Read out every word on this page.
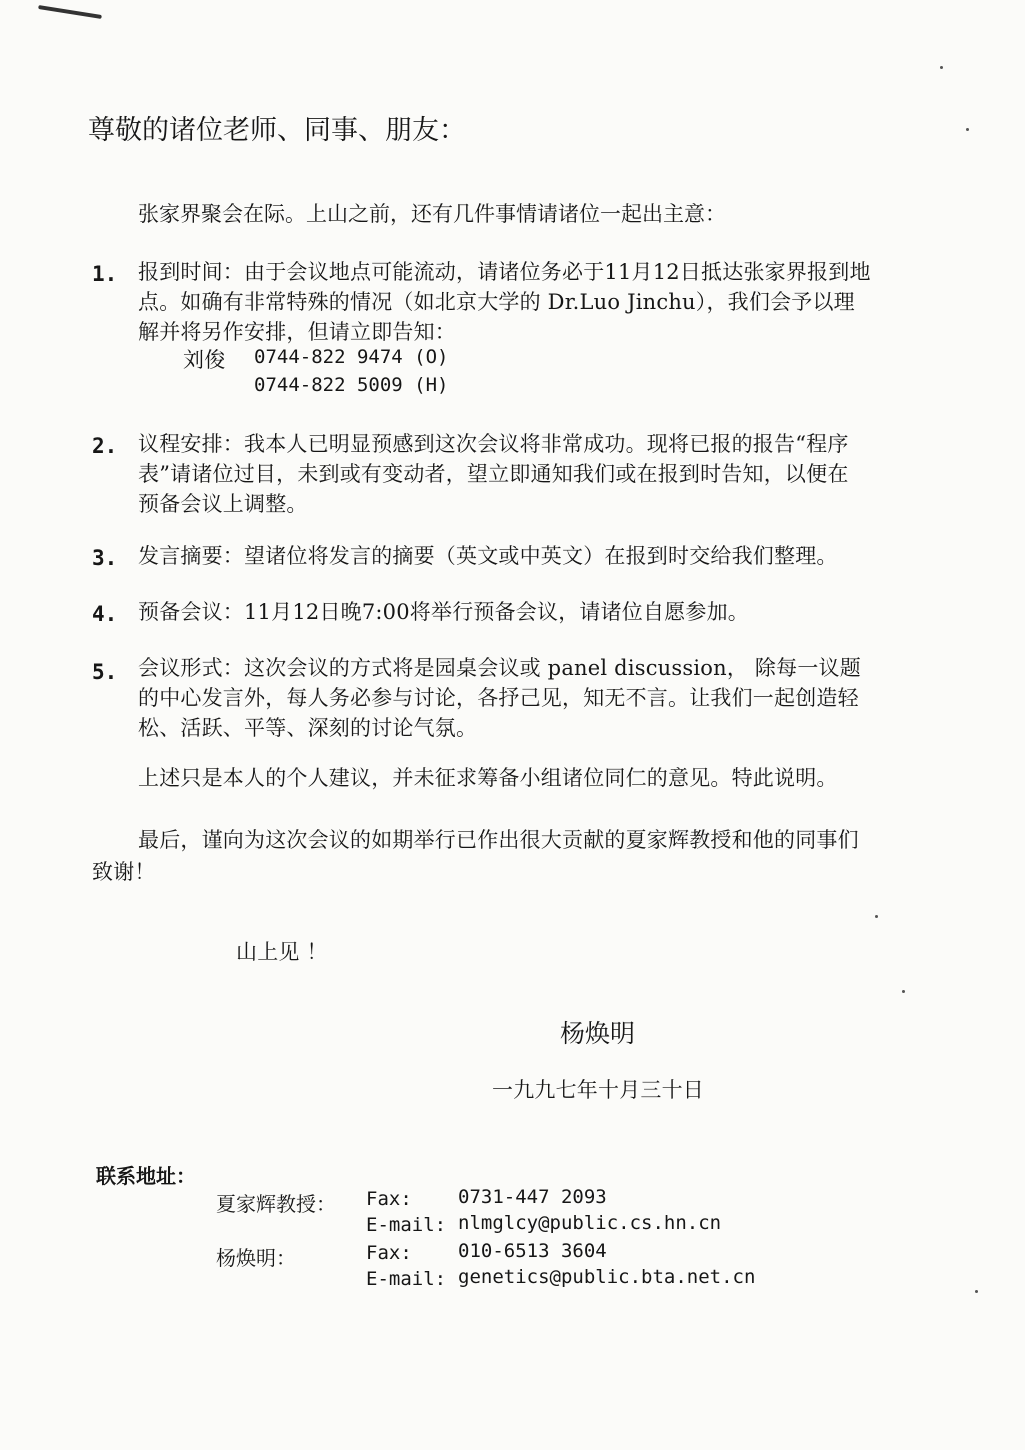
尊敬的诸位老师、同事、朋友：
张家界聚会在际。上山之前，还有几件事情请诸位一起出主意：
1. 报到时间：由于会议地点可能流动，请诸位务必于11月12日抵达张家界报到地
点。如确有非常特殊的情况（如北京大学的 Dr.Luo Jinchu），我们会予以理
解并将另作安排，但请立即告知：
刘俊 0744-822 9474 (O)
0744-822 5009 (H)
2. 议程安排：我本人已明显预感到这次会议将非常成功。现将已报的报告“程序
表”请诸位过目，未到或有变动者，望立即通知我们或在报到时告知，以便在
预备会议上调整。
3. 发言摘要：望诸位将发言的摘要（英文或中英文）在报到时交给我们整理。
4. 预备会议：11月12日晚7:00将举行预备会议，请诸位自愿参加。
5. 会议形式：这次会议的方式将是园桌会议或 panel discussion， 除每一议题
的中心发言外，每人务必参与讨论，各抒己见，知无不言。让我们一起创造轻
松、活跃、平等、深刻的讨论气氛。
上述只是本人的个人建议，并未征求筹备小组诸位同仁的意见。特此说明。
最后，谨向为这次会议的如期举行已作出很大贡献的夏家辉教授和他的同事们
致谢！
山上见 ！
杨焕明
一九九七年十月三十日
联系地址：
夏家辉教授： Fax: 0731-447 2093
E-mail: nlmglcy@public.cs.hn.cn
杨焕明：	Fax: 010-6513 3604
E-mail: genetics@public.bta.net.cn
